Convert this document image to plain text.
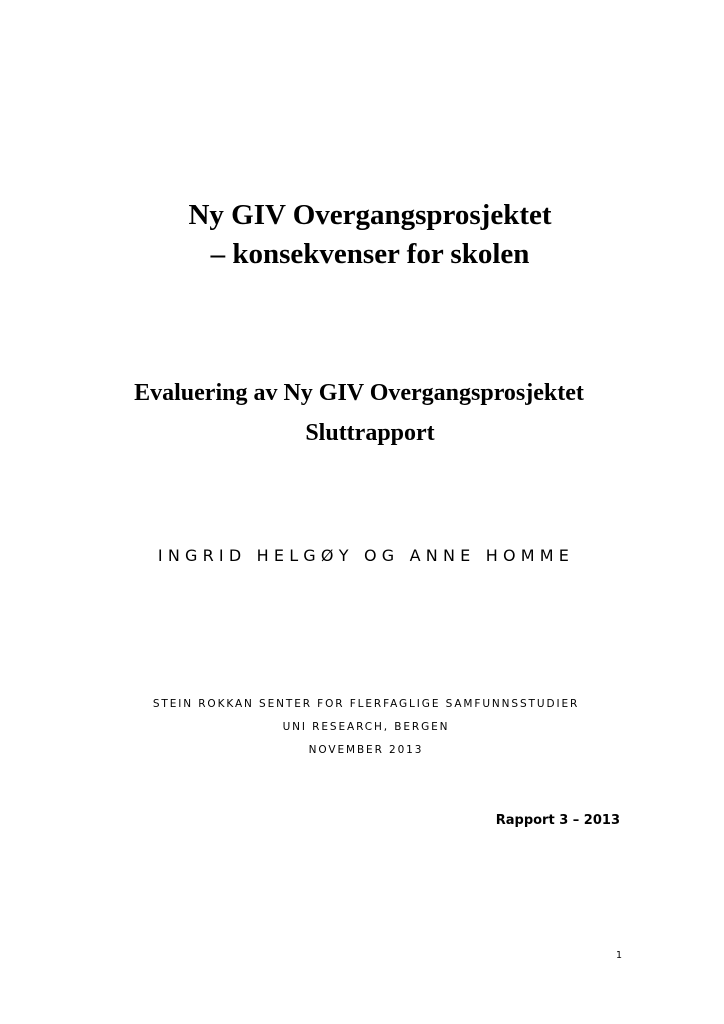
Ny GIV Overgangsprosjektet
– konsekvenser for skolen
Evaluering av Ny GIV Overgangsprosjektet
Sluttrapport
INGRID HELGØY OG ANNE HOMME
STEIN ROKKAN SENTER FOR FLERFAGLIGE SAMFUNNSSTUDIER
UNI RESEARCH, BERGEN
NOVEMBER 2013
Rapport 3 – 2013
1
